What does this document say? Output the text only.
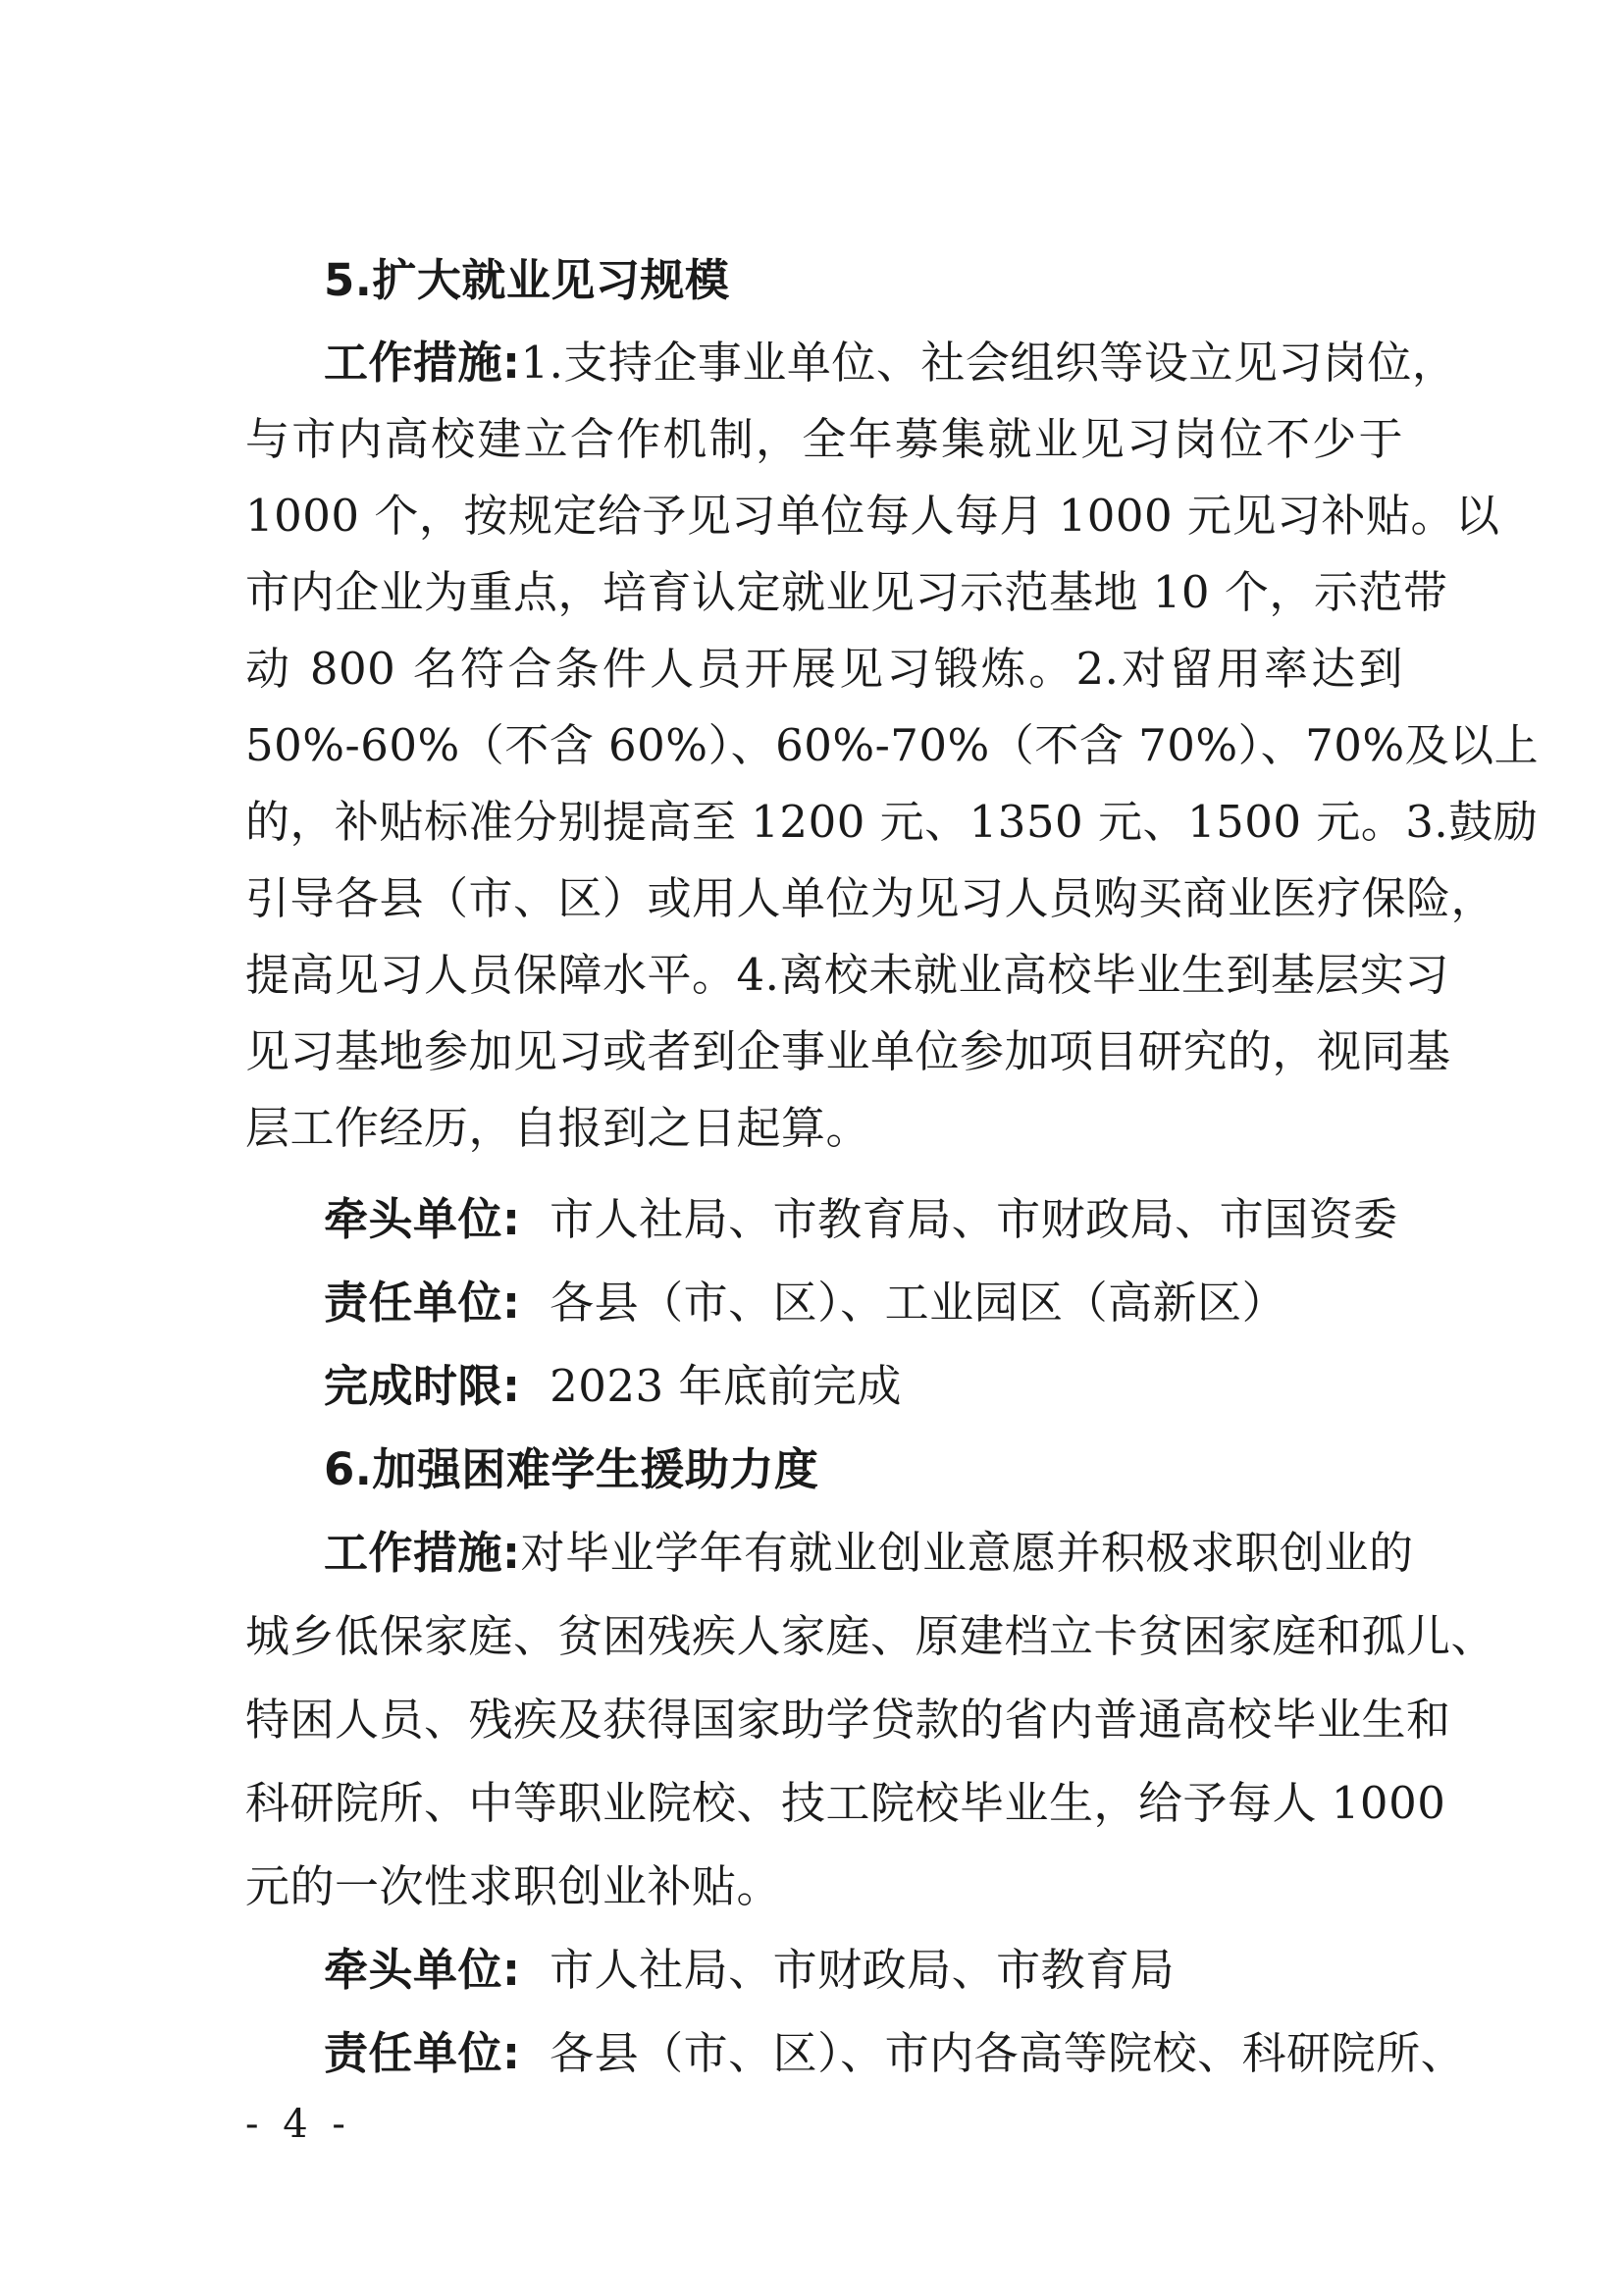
5.扩大就业见习规模
工作措施:1.支持企事业单位、社会组织等设立见习岗位，
与市内高校建立合作机制，全年募集就业见习岗位不少于
1000 个，按规定给予见习单位每人每月 1000 元见习补贴。以
市内企业为重点，培育认定就业见习示范基地 10 个，示范带
动 800 名符合条件人员开展见习锻炼。2.对留用率达到
50%-60%（不含 60%）、60%-70%（不含 70%）、70%及以上
的，补贴标准分别提高至 1200 元、1350 元、1500 元。3.鼓励
引导各县（市、区）或用人单位为见习人员购买商业医疗保险，
提高见习人员保障水平。4.离校未就业高校毕业生到基层实习
见习基地参加见习或者到企事业单位参加项目研究的，视同基
层工作经历，自报到之日起算。
牵头单位: 市人社局、市教育局、市财政局、市国资委
责任单位: 各县（市、区）、工业园区（高新区）
完成时限: 2023 年底前完成
6.加强困难学生援助力度
工作措施:对毕业学年有就业创业意愿并积极求职创业的
城乡低保家庭、贫困残疾人家庭、原建档立卡贫困家庭和孤儿、
特困人员、残疾及获得国家助学贷款的省内普通高校毕业生和
科研院所、中等职业院校、技工院校毕业生，给予每人 1000
元的一次性求职创业补贴。
牵头单位: 市人社局、市财政局、市教育局
责任单位: 各县（市、区）、市内各高等院校、科研院所、
- 4 -
